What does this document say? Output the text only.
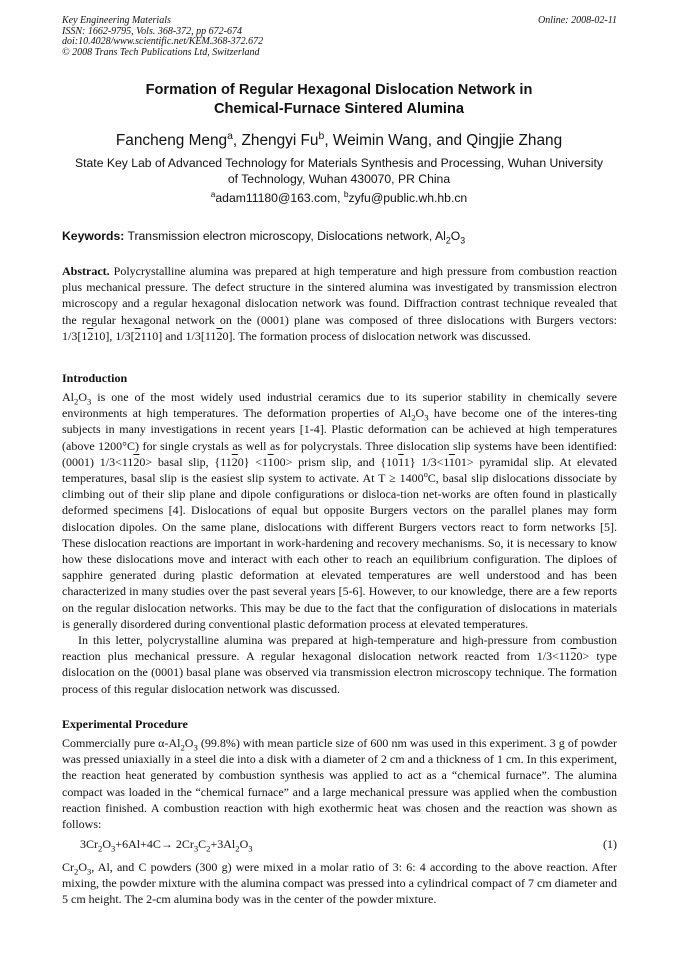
Key Engineering Materials
ISSN: 1662-9795, Vols. 368-372, pp 672-674
doi:10.4028/www.scientific.net/KEM.368-372.672
© 2008 Trans Tech Publications Ltd, Switzerland
Online: 2008-02-11
Formation of Regular Hexagonal Dislocation Network in
Chemical-Furnace Sintered Alumina
Fancheng Meng$^a$, Zhengyi Fu$^b$, Weimin Wang, and Qingjie Zhang
State Key Lab of Advanced Technology for Materials Synthesis and Processing, Wuhan University
of Technology, Wuhan 430070, PR China
$^a$adam11180@163.com, $^b$zyfu@public.wh.hb.cn
Keywords: Transmission electron microscopy, Dislocations network, $Al_2O_3$

Abstract. Polycrystalline alumina was prepared at high temperature and high pressure from combustion reaction plus mechanical pressure. The defect structure in the sintered alumina was investigated by transmission electron microscopy and a regular hexagonal dislocation network was found. Diffraction contrast technique revealed that the regular hexagonal network on the (0001) plane was composed of three dislocations with Burgers vectors: 1/3[1210], 1/3[2110] and 1/3[1120]. The formation process of dislocation network was discussed.

Introduction

$Al_2O_3$ is one of the most widely used industrial ceramics due to its superior stability in chemically severe environments at high temperatures. The deformation properties of $Al_2O_3$ have become one of the interes-ting subjects in many investigations in recent years [1-4]. Plastic deformation can be achieved at high temperatures (above 1200°C) for single crystals as well as for polycrystals. Three dislocation slip systems have been identified: (0001) 1/3<1120> basal slip, {1120} <1100> prism slip, and {1011} 1/3<1101> pyramidal slip. At elevated temperatures, basal slip is the easiest slip system to activate. At $T \ge 1400^oC$, basal slip dislocations dissociate by climbing out of their slip plane and dipole configurations or disloca-tion net-works are often found in plastically deformed specimens [4]. Dislocations of equal but opposite Burgers vectors on the parallel planes may form dislocation dipoles. On the same plane, dislocations with different Burgers vectors react to form networks [5]. These dislocation reactions are important in work-hardening and recovery mechanisms. So, it is necessary to know how these dislocations move and interact with each other to reach an equilibrium configuration. The diploes of sapphire generated during plastic deformation at elevated temperatures are well understood and has been characterized in many studies over the past several years [5-6]. However, to our knowledge, there are a few reports on the regular dislocation networks. This may be due to the fact that the configuration of dislocations in materials is generally disordered during conventional plastic deformation process at elevated temperatures.

In this letter, polycrystalline alumina was prepared at high-temperature and high-pressure from combustion reaction plus mechanical pressure. A regular hexagonal dislocation network reacted from 1/3<1120> type dislocation on the (0001) basal plane was observed via transmission electron microscopy technique. The formation process of this regular dislocation network was discussed.

Experimental Procedure

Commercially pure $\alpha-Al_2O_3$ (99.8%) with mean particle size of 600 nm was used in this experiment. 3 g of powder was pressed uniaxially in a steel die into a disk with a diameter of 2 cm and a thickness of 1 cm. In this experiment, the reaction heat generated by combustion synthesis was applied to act as a “chemical furnace”. The alumina compact was loaded in the “chemical furnace” and a large mechanical pressure was applied when the combustion reaction finished. A combustion reaction with high exothermic heat was chosen and the reaction was shown as follows:

$3Cr_2O_3+6Al+4C\to 2Cr_3C_2+3Al_2O_3$	(1)

$Cr_2O_3$, Al, and C powders (300 g) were mixed in a molar ratio of 3: 6: 4 according to the above reaction. After mixing, the powder mixture with the alumina compact was pressed into a cylindrical compact of 7 cm diameter and 5 cm height. The 2-cm alumina body was in the center of the powder mixture.
